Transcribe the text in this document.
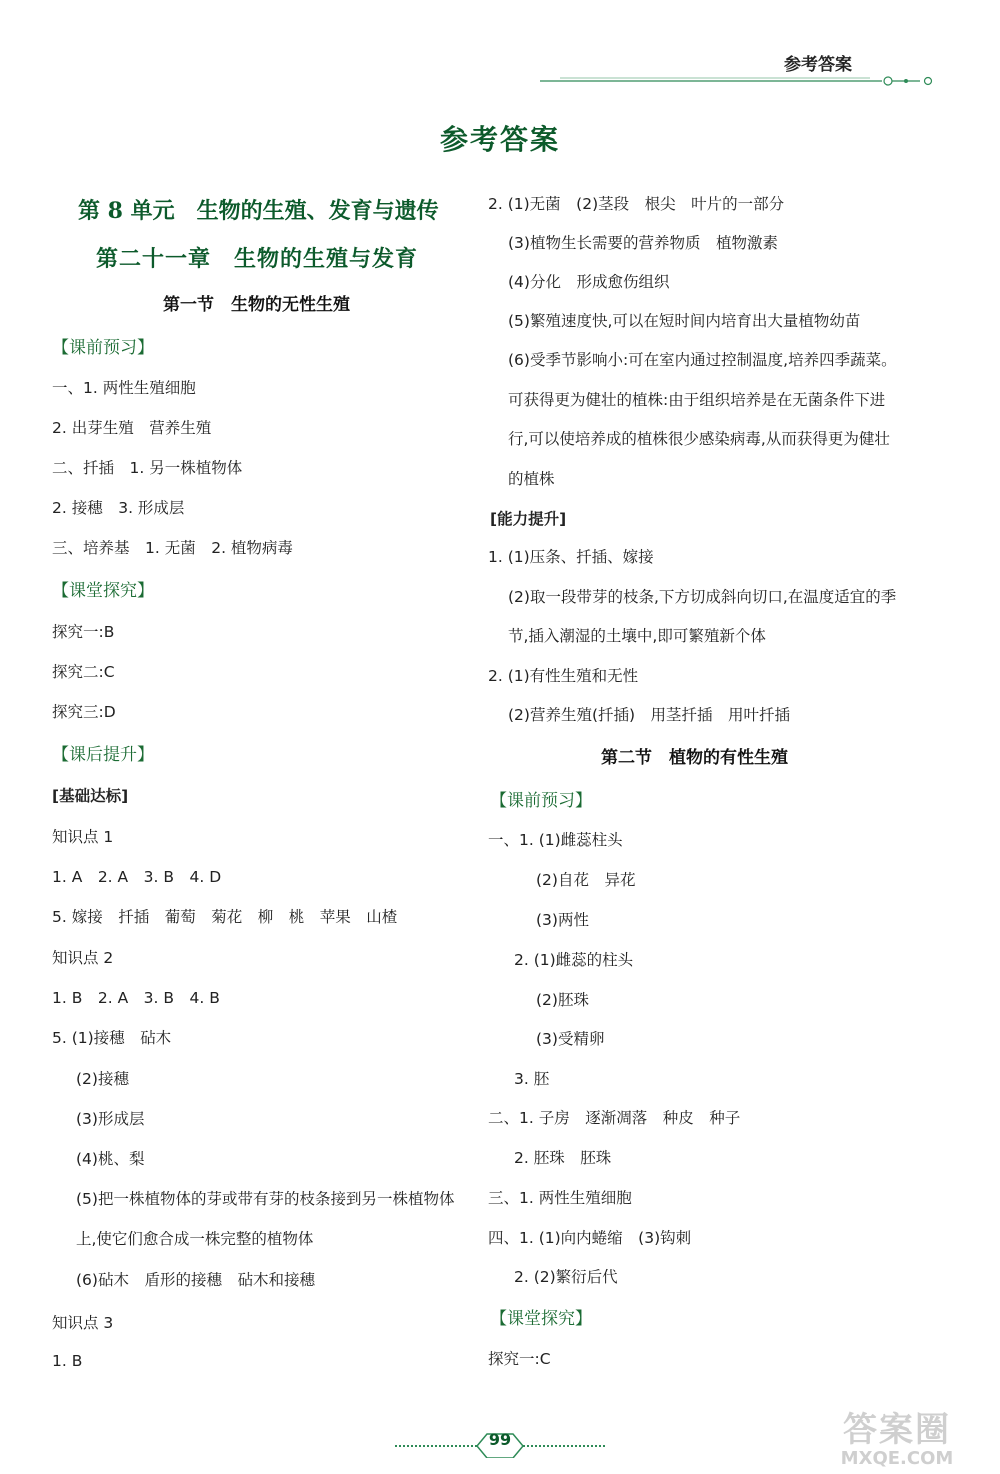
参考答案
参考答案
第 8 单元　生物的生殖、发育与遗传
第二十一章　生物的生殖与发育
第一节　生物的无性生殖
【课前预习】
一、1. 两性生殖细胞
2. 出芽生殖　营养生殖
二、扦插　1. 另一株植物体
2. 接穗　3. 形成层
三、培养基　1. 无菌　2. 植物病毒
【课堂探究】
探究一:B
探究二:C
探究三:D
【课后提升】
[基础达标]
知识点 1
1. A　2. A　3. B　4. D
5. 嫁接　扦插　葡萄　菊花　柳　桃　苹果　山楂
知识点 2
1. B　2. A　3. B　4. B
5. (1)接穗　砧木
(2)接穗
(3)形成层
(4)桃、梨
(5)把一株植物体的芽或带有芽的枝条接到另一株植物体
上,使它们愈合成一株完整的植物体
(6)砧木　盾形的接穗　砧木和接穗
知识点 3
1. B
2. (1)无菌　(2)茎段　根尖　叶片的一部分
(3)植物生长需要的营养物质　植物激素
(4)分化　形成愈伤组织
(5)繁殖速度快,可以在短时间内培育出大量植物幼苗
(6)受季节影响小:可在室内通过控制温度,培养四季蔬菜。
可获得更为健壮的植株:由于组织培养是在无菌条件下进
行,可以使培养成的植株很少感染病毒,从而获得更为健壮
的植株
[能力提升]
1. (1)压条、扦插、嫁接
(2)取一段带芽的枝条,下方切成斜向切口,在温度适宜的季
节,插入潮湿的土壤中,即可繁殖新个体
2. (1)有性生殖和无性
(2)营养生殖(扦插)　用茎扦插　用叶扦插
第二节　植物的有性生殖
【课前预习】
一、1. (1)雌蕊柱头
(2)自花　异花
(3)两性
2. (1)雌蕊的柱头
(2)胚珠
(3)受精卵
3. 胚
二、1. 子房　逐渐凋落　种皮　种子
2. 胚珠　胚珠
三、1. 两性生殖细胞
四、1. (1)向内蜷缩　(3)钩刺
2. (2)繁衍后代
【课堂探究】
探究一:C
99	答案圈
MXQE.COM
